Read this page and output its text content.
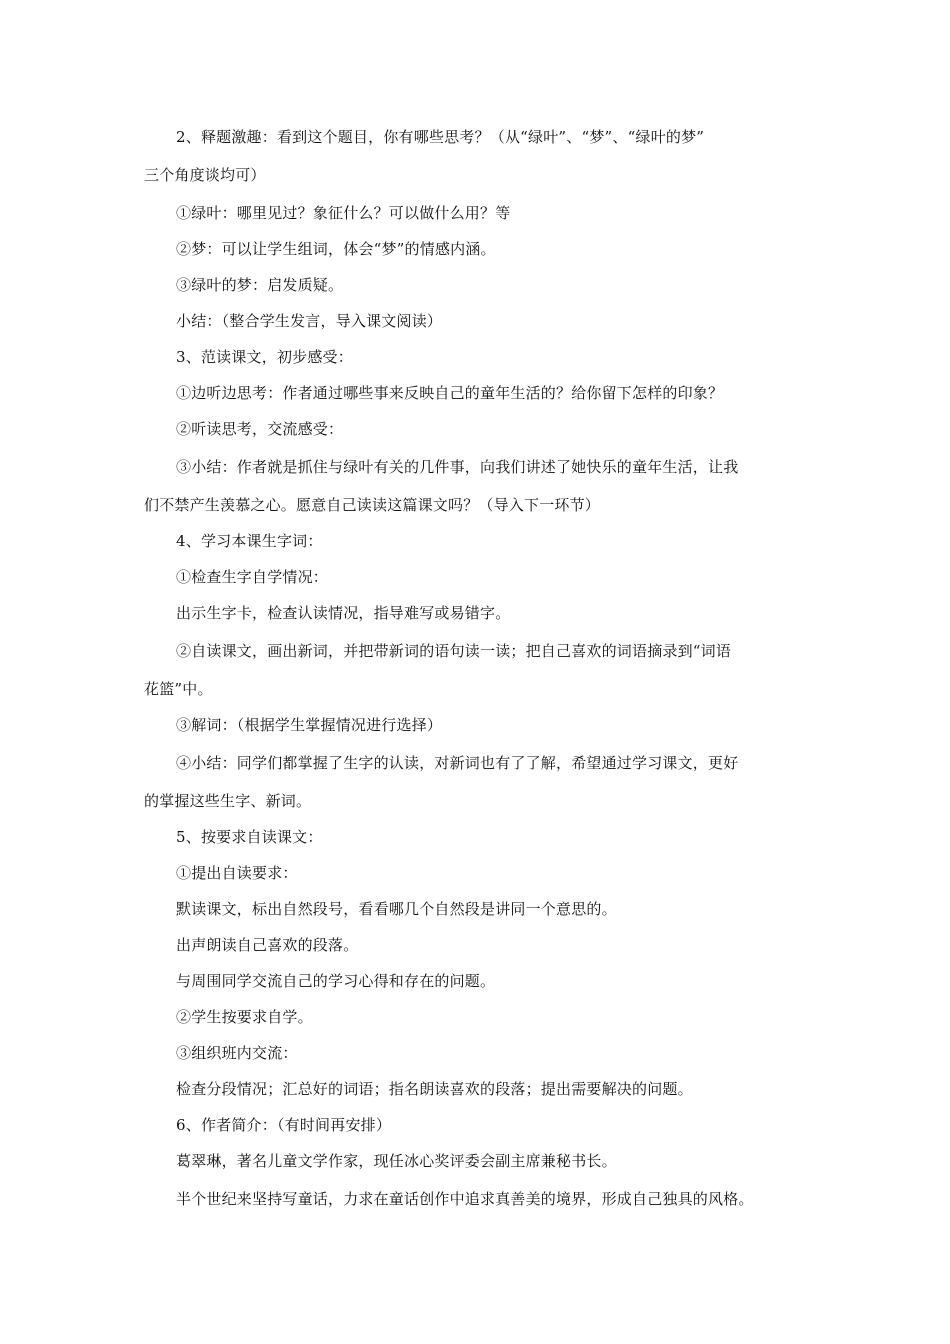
2、释题激趣：看到这个题目，你有哪些思考？（从“绿叶”、“梦”、“绿叶的梦”
三个角度谈均可）
①绿叶：哪里见过？象征什么？可以做什么用？等
②梦：可以让学生组词，体会“梦”的情感内涵。
③绿叶的梦：启发质疑。
小结：（整合学生发言，导入课文阅读）
3、范读课文，初步感受：
①边听边思考：作者通过哪些事来反映自己的童年生活的？给你留下怎样的印象？
②听读思考，交流感受：
③小结：作者就是抓住与绿叶有关的几件事，向我们讲述了她快乐的童年生活，让我
们不禁产生羡慕之心。愿意自己读读这篇课文吗？（导入下一环节）
4、学习本课生字词：
①检查生字自学情况：
出示生字卡，检查认读情况，指导难写或易错字。
②自读课文，画出新词，并把带新词的语句读一读；把自己喜欢的词语摘录到“词语
花篮”中。
③解词：（根据学生掌握情况进行选择）
④小结：同学们都掌握了生字的认读，对新词也有了了解，希望通过学习课文，更好
的掌握这些生字、新词。
5、按要求自读课文：
①提出自读要求：
默读课文，标出自然段号，看看哪几个自然段是讲同一个意思的。
出声朗读自己喜欢的段落。
与周围同学交流自己的学习心得和存在的问题。
②学生按要求自学。
③组织班内交流：
检查分段情况；汇总好的词语；指名朗读喜欢的段落；提出需要解决的问题。
6、作者简介：（有时间再安排）
葛翠琳，著名儿童文学作家，现任冰心奖评委会副主席兼秘书长。
半个世纪来坚持写童话，力求在童话创作中追求真善美的境界，形成自己独具的风格。
